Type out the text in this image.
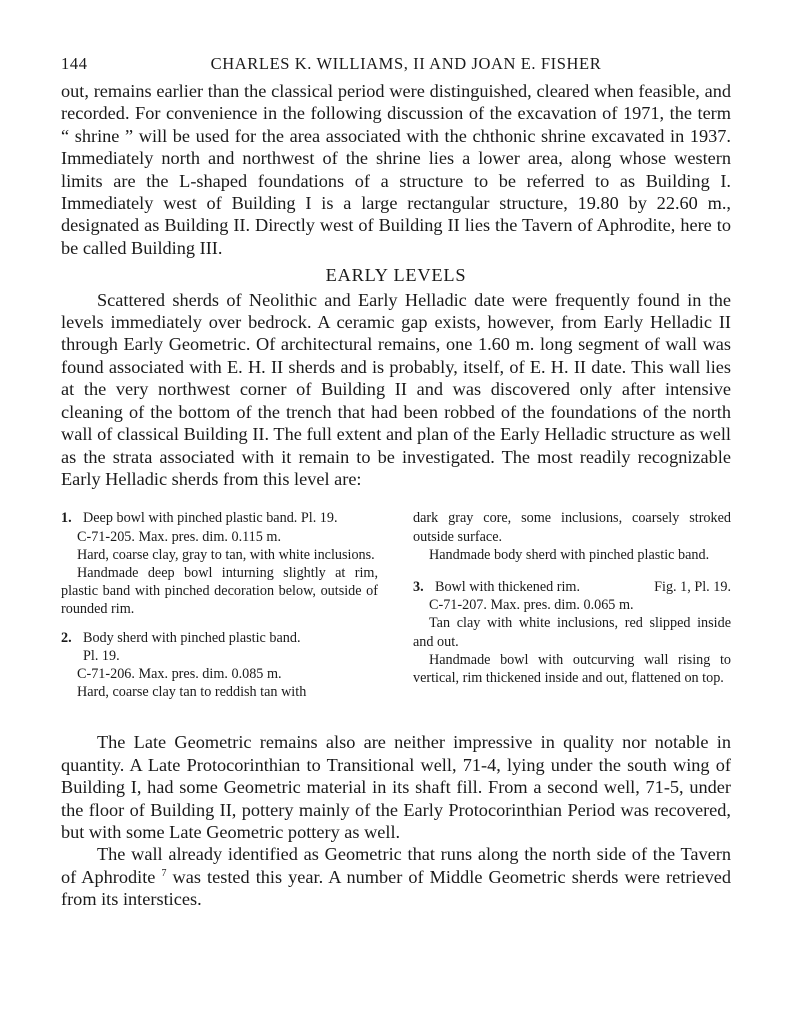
144	CHARLES K. WILLIAMS, II AND JOAN E. FISHER

out, remains earlier than the classical period were distinguished, cleared when feasible, and recorded. For convenience in the following discussion of the excavation of 1971, the term “ shrine ” will be used for the area associated with the chthonic shrine excavated in 1937. Immediately north and northwest of the shrine lies a lower area, along whose western limits are the L-shaped foundations of a structure to be referred to as Building I. Immediately west of Building I is a large rectangular structure, 19.80 by 22.60 m., designated as Building II. Directly west of Building II lies the Tavern of Aphrodite, here to be called Building III.

EARLY LEVELS

Scattered sherds of Neolithic and Early Helladic date were frequently found in the levels immediately over bedrock. A ceramic gap exists, however, from Early Helladic II through Early Geometric. Of architectural remains, one 1.60 m. long segment of wall was found associated with E. H. II sherds and is probably, itself, of E. H. II date. This wall lies at the very northwest corner of Building II and was discovered only after intensive cleaning of the bottom of the trench that had been robbed of the foundations of the north wall of classical Building II. The full extent and plan of the Early Helladic structure as well as the strata associated with it remain to be investigated. The most readily recognizable Early Helladic sherds from this level are:

1. Deep bowl with pinched plastic band. Pl. 19.
C-71-205. Max. pres. dim. 0.115 m.
Hard, coarse clay, gray to tan, with white inclusions.
Handmade deep bowl inturning slightly at rim, plastic band with pinched decoration below, outside of rounded rim.
2. Body sherd with pinched plastic band.
Pl. 19.
C-71-206. Max. pres. dim. 0.085 m.
Hard, coarse clay tan to reddish tan with
dark gray core, some inclusions, coarsely stroked outside surface.
Handmade body sherd with pinched plastic band.
3. Bowl with thickened rim.	Fig. 1, Pl. 19.
C-71-207. Max. pres. dim. 0.065 m.
Tan clay with white inclusions, red slipped inside and out.
Handmade bowl with outcurving wall rising to vertical, rim thickened inside and out, flattened on top.

The Late Geometric remains also are neither impressive in quality nor notable in quantity. A Late Protocorinthian to Transitional well, 71-4, lying under the south wing of Building I, had some Geometric material in its shaft fill. From a second well, 71-5, under the floor of Building II, pottery mainly of the Early Protocorinthian Period was recovered, but with some Late Geometric pottery as well.

The wall already identified as Geometric that runs along the north side of the Tavern of Aphrodite $^7$ was tested this year. A number of Middle Geometric sherds were retrieved from its interstices.
